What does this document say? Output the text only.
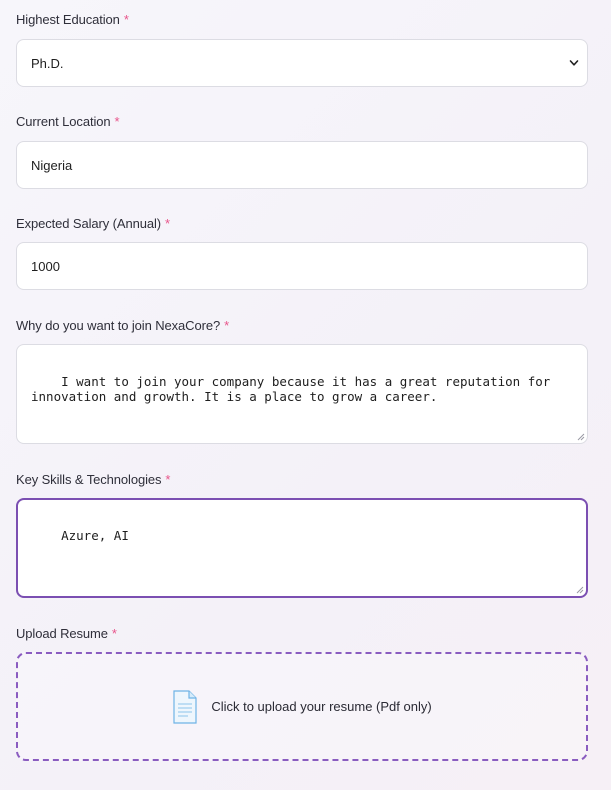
Highest Education *
Ph.D.
Current Location *
Nigeria
Expected Salary (Annual) *
1000
Why do you want to join NexaCore? *

I want to join your company because it has a great reputation for
innovation and growth. It is a place to grow a career.

Key Skills & Technologies *

Azure, AI

Upload Resume *
Click to upload your resume (Pdf only)
